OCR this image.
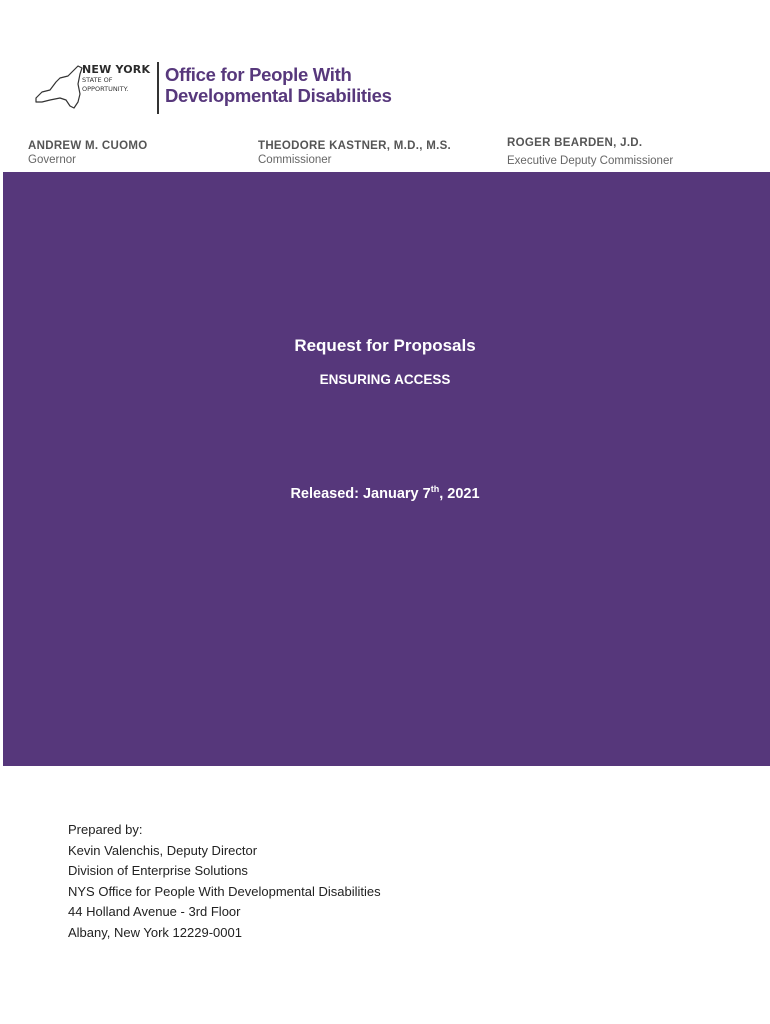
NEW YORK
STATE OF
OPPORTUNITY.
Office for People With
Developmental Disabilities
ANDREW M. CUOMO
Governor
THEODORE KASTNER, M.D., M.S.
Commissioner
ROGER BEARDEN, J.D.
Executive Deputy Commissioner
Request for Proposals
ENSURING ACCESS
Released: January 7th, 2021
Prepared by:
Kevin Valenchis, Deputy Director
Division of Enterprise Solutions
NYS Office for People With Developmental Disabilities
44 Holland Avenue - 3rd Floor
Albany, New York 12229-0001
